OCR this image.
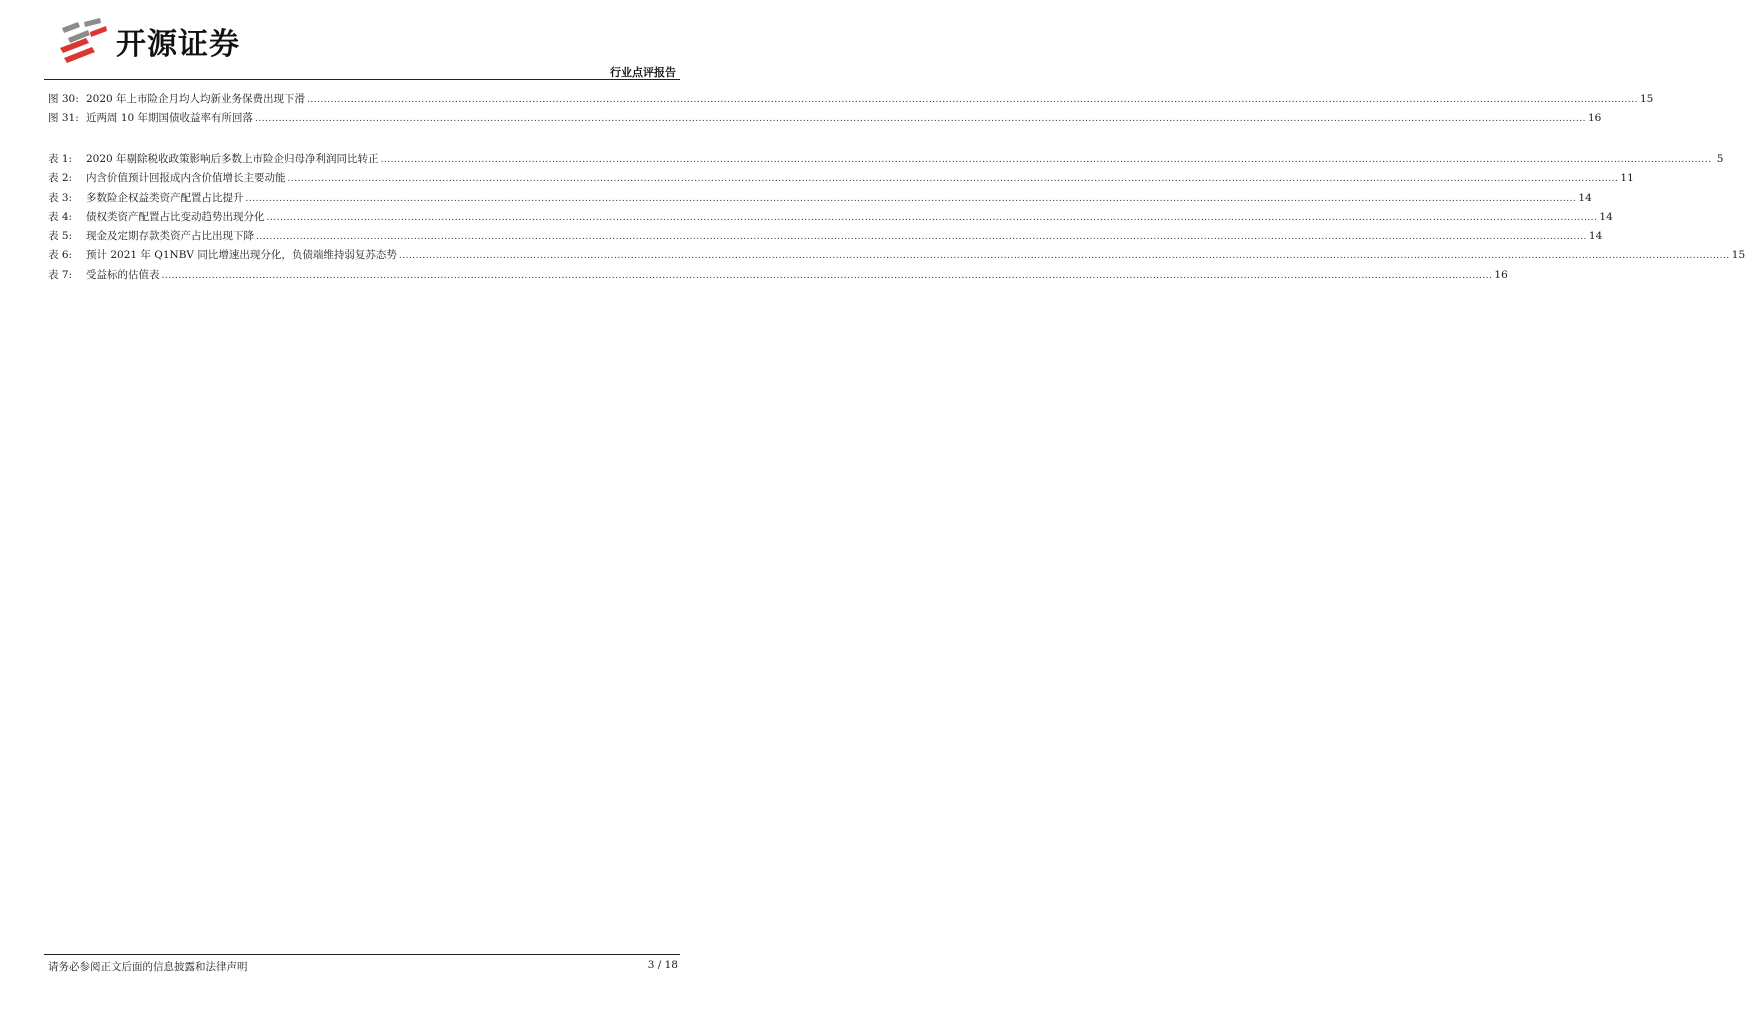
开源证券
行业点评报告
图 30: 2020 年上市险企月均人均新业务保费出现下滑 .....	15
图 31: 近两周 10 年期国债收益率有所回落 .....	16
表 1:	2020 年剔除税收政策影响后多数上市险企归母净利润同比转正 .....	5
表 2:	内含价值预计回报成内含价值增长主要动能 .....	11
表 3:	多数险企权益类资产配置占比提升 .....	14
表 4:	债权类资产配置占比变动趋势出现分化 .....	14
表 5:	现金及定期存款类资产占比出现下降 .....	14
表 6:	预计 2021 年 Q1NBV 同比增速出现分化，负债端维持弱复苏态势 .....	15
表 7:	受益标的估值表 .....	16
请务必参阅正文后面的信息披露和法律声明	3 / 18
